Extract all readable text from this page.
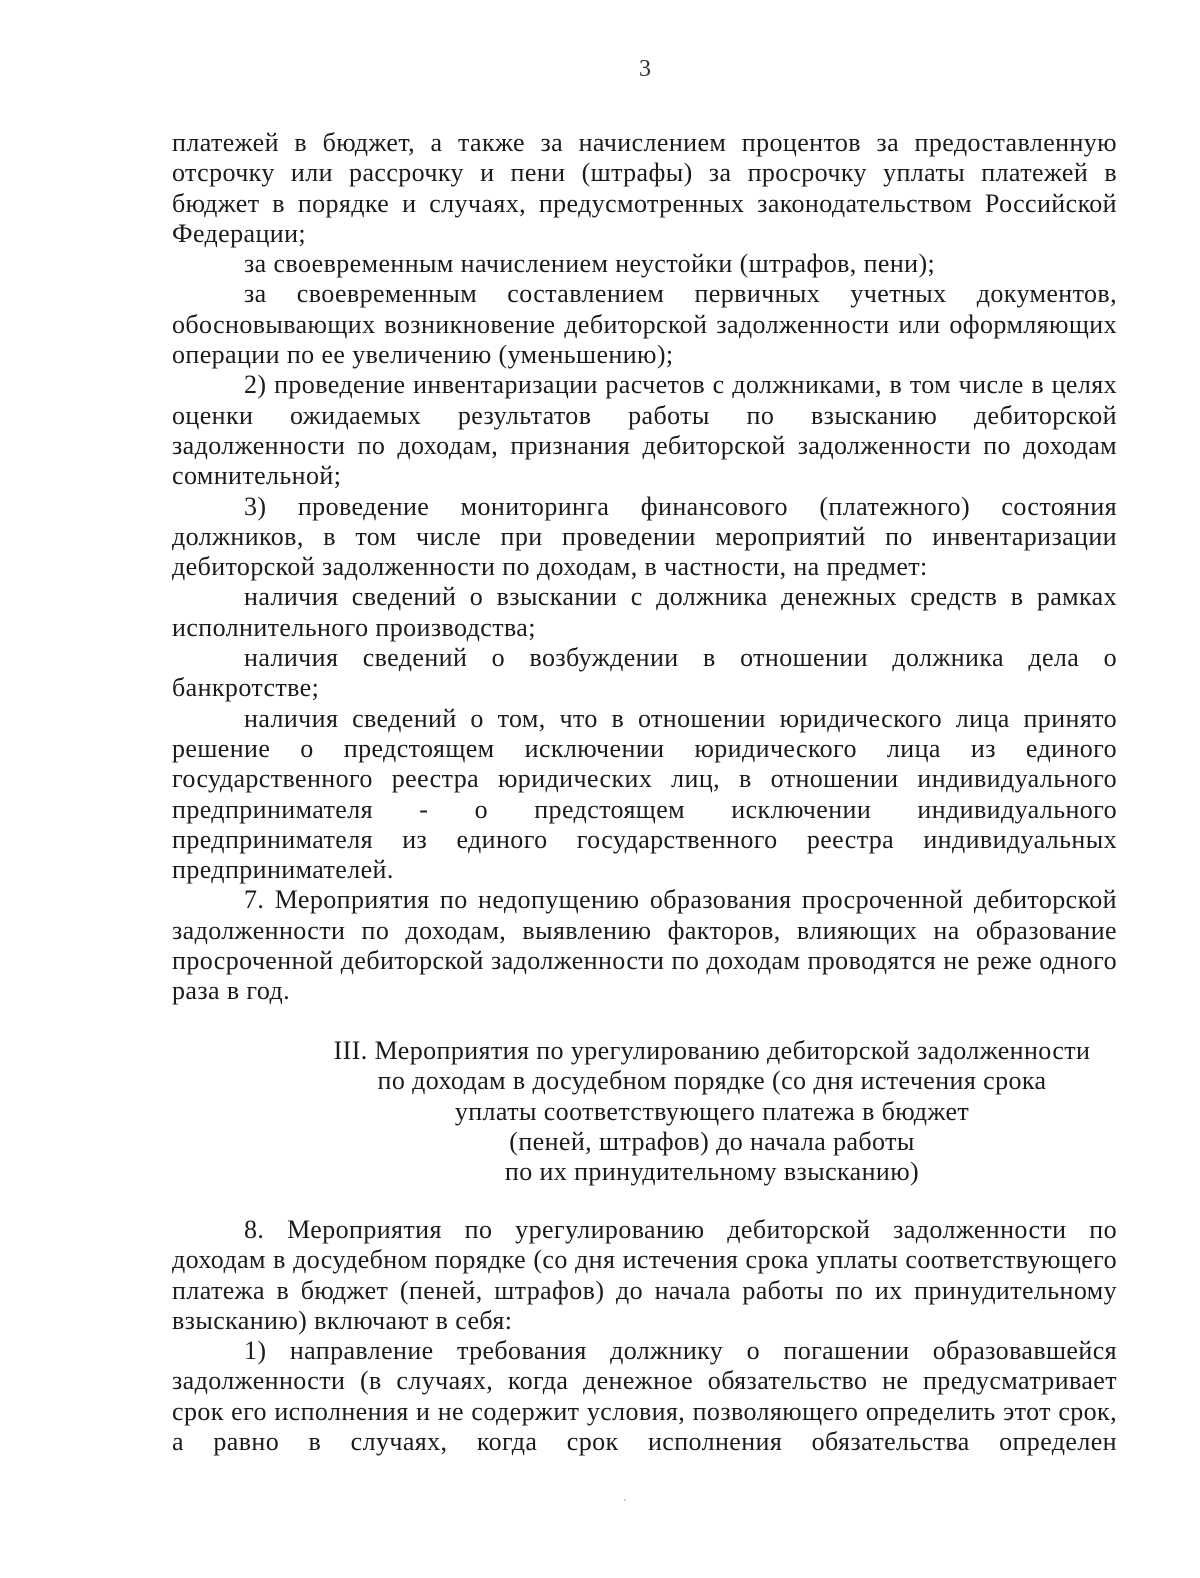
3

платежей в бюджет, а также за начислением процентов за предоставленную отсрочку или рассрочку и пени (штрафы) за просрочку уплаты платежей в бюджет в порядке и случаях, предусмотренных законодательством Российской Федерации;

за своевременным начислением неустойки (штрафов, пени);

за своевременным составлением первичных учетных документов, обосновывающих возникновение дебиторской задолженности или оформляющих операции по ее увеличению (уменьшению);

2) проведение инвентаризации расчетов с должниками, в том числе в целях оценки ожидаемых результатов работы по взысканию дебиторской задолженности по доходам, признания дебиторской задолженности по доходам сомнительной;

3) проведение мониторинга финансового (платежного) состояния должников, в том числе при проведении мероприятий по инвентаризации дебиторской задолженности по доходам, в частности, на предмет:

наличия сведений о взыскании с должника денежных средств в рамках исполнительного производства;

наличия сведений о возбуждении в отношении должника дела о банкротстве;

наличия сведений о том, что в отношении юридического лица принято решение о предстоящем исключении юридического лица из единого государственного реестра юридических лиц, в отношении индивидуального предпринимателя - о предстоящем исключении индивидуального предпринимателя из единого государственного реестра индивидуальных предпринимателей.

7. Мероприятия по недопущению образования просроченной дебиторской задолженности по доходам, выявлению факторов, влияющих на образование просроченной дебиторской задолженности по доходам проводятся не реже одного раза в год.

III. Мероприятия по урегулированию дебиторской задолженности
по доходам в досудебном порядке (со дня истечения срока
уплаты соответствующего платежа в бюджет
(пеней, штрафов) до начала работы
по их принудительному взысканию)

8. Мероприятия по урегулированию дебиторской задолженности по доходам в досудебном порядке (со дня истечения срока уплаты соответствующего платежа в бюджет (пеней, штрафов) до начала работы по их принудительному взысканию) включают в себя:

1) направление требования должнику о погашении образовавшейся задолженности (в случаях, когда денежное обязательство не предусматривает срок его исполнения и не содержит условия, позволяющего определить этот срок, а равно в случаях, когда срок исполнения обязательства определен
